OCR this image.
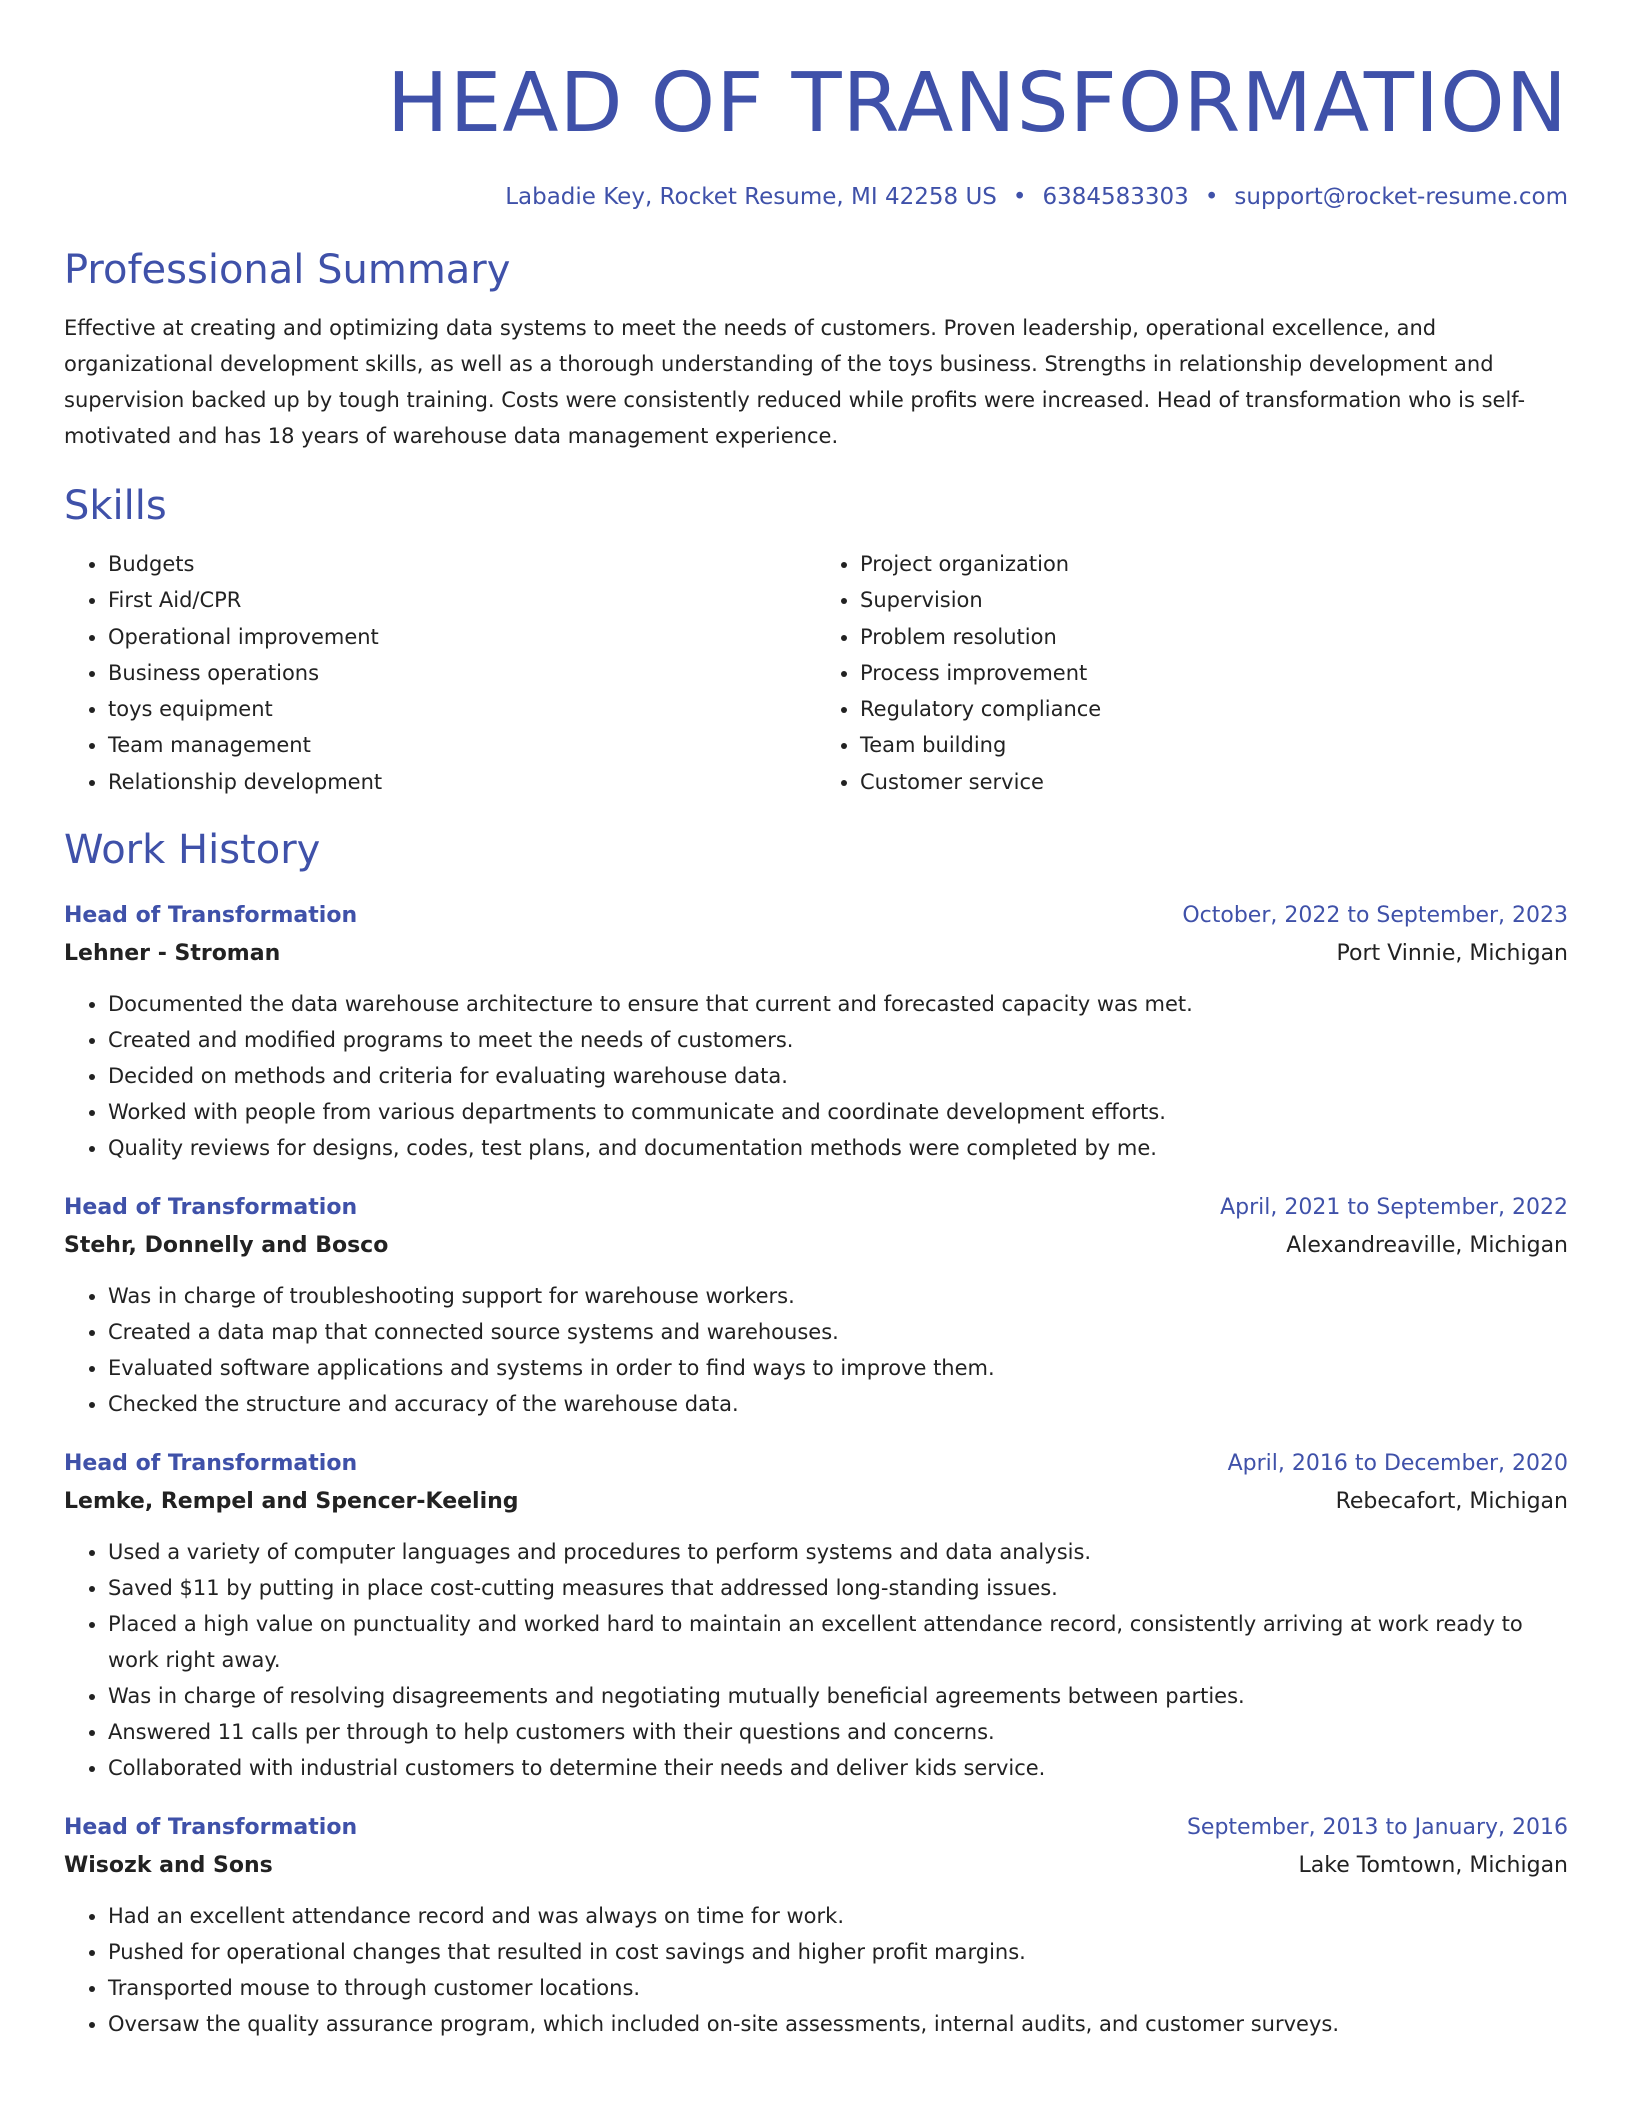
HEAD OF TRANSFORMATION
Labadie Key, Rocket Resume, MI 42258 US • 6384583303 • support@rocket-resume.com
Professional Summary
Effective at creating and optimizing data systems to meet the needs of customers. Proven leadership, operational excellence, and organizational development skills, as well as a thorough understanding of the toys business. Strengths in relationship development and supervision backed up by tough training. Costs were consistently reduced while profits were increased. Head of transformation who is self-motivated and has 18 years of warehouse data management experience.
Skills
• Budgets
• First Aid/CPR
• Operational improvement
• Business operations
• toys equipment
• Team management
• Relationship development
• Project organization
• Supervision
• Problem resolution
• Process improvement
• Regulatory compliance
• Team building
• Customer service
Work History
Head of Transformation	October, 2022 to September, 2023
Lehner - Stroman	Port Vinnie, Michigan
• Documented the data warehouse architecture to ensure that current and forecasted capacity was met.
• Created and modified programs to meet the needs of customers.
• Decided on methods and criteria for evaluating warehouse data.
• Worked with people from various departments to communicate and coordinate development efforts.
• Quality reviews for designs, codes, test plans, and documentation methods were completed by me.
Head of Transformation	April, 2021 to September, 2022
Stehr, Donnelly and Bosco	Alexandreaville, Michigan
• Was in charge of troubleshooting support for warehouse workers.
• Created a data map that connected source systems and warehouses.
• Evaluated software applications and systems in order to find ways to improve them.
• Checked the structure and accuracy of the warehouse data.
Head of Transformation	April, 2016 to December, 2020
Lemke, Rempel and Spencer-Keeling	Rebecafort, Michigan
• Used a variety of computer languages and procedures to perform systems and data analysis.
• Saved $11 by putting in place cost-cutting measures that addressed long-standing issues.
• Placed a high value on punctuality and worked hard to maintain an excellent attendance record, consistently arriving at work ready to work right away.
• Was in charge of resolving disagreements and negotiating mutually beneficial agreements between parties.
• Answered 11 calls per through to help customers with their questions and concerns.
• Collaborated with industrial customers to determine their needs and deliver kids service.
Head of Transformation	September, 2013 to January, 2016
Wisozk and Sons	Lake Tomtown, Michigan
• Had an excellent attendance record and was always on time for work.
• Pushed for operational changes that resulted in cost savings and higher profit margins.
• Transported mouse to through customer locations.
• Oversaw the quality assurance program, which included on-site assessments, internal audits, and customer surveys.
